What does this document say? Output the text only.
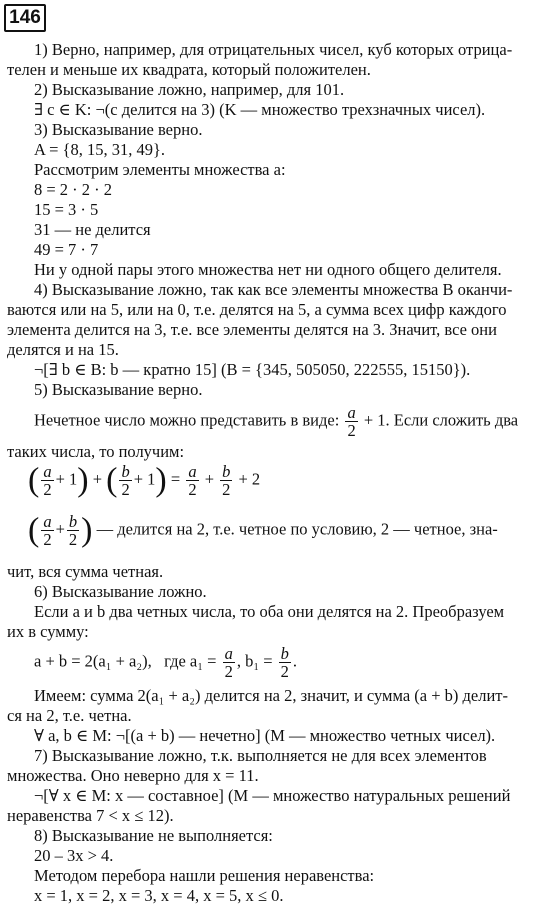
146
1) Верно, например, для отрицательных чисел, куб которых отрица-
телен и меньше их квадрата, который положителен.
2) Высказывание ложно, например, для 101.
∃ c ∈ K: ¬(c делится на 3) (K — множество трехзначных чисел).
3) Высказывание верно.
A = {8, 15, 31, 49}.
Рассмотрим элементы множества a:
8 = 2 · 2 · 2
15 = 3 · 5
31 — не делится
49 = 7 · 7
Ни у одной пары этого множества нет ни одного общего делителя.
4) Высказывание ложно, так как все элементы множества B оканчи-
ваются или на 5, или на 0, т.е. делятся на 5, а сумма всех цифр каждого
элемента делится на 3, т.е. все элементы делятся на 3. Значит, все они
делятся и на 15.
¬[∃ b ∈ B: b — кратно 15] (B = {345, 505050, 222555, 15150}).
5) Высказывание верно.
Нечетное число можно представить в виде: $\frac{a}{2} + 1$. Если сложить два
таких числа, то получим:
( $\frac{a}{2} + 1$) + ( $\frac{b}{2} + 1) = \frac{a}{2} + \frac{b}{2} + 2$
( $\frac{a}{2} + \frac{b}{2}$ ) — делится на 2, т.е. четное по условию, 2 — четное, зна-
чит, вся сумма четная.
6) Высказывание ложно.
Если a и b два четных числа, то оба они делятся на 2. Преобразуем
их в сумму:
a + b = 2(a₁ + a₂), где $a_1 = \frac{a}{2}$ , $b_1 = \frac{b}{2}$ .
Имеем: сумма 2(a₁ + a₂) делится на 2, значит, и сумма (a + b) делит-
ся на 2, т.е. четна.
∀ a, b ∈ M: ¬[(a + b) — нечетно] (M — множество четных чисел).
7) Высказывание ложно, т.к. выполняется не для всех элементов
множества. Оно неверно для x = 11.
¬[∀ x ∈ M: x — составное] (M — множество натуральных решений
неравенства 7 < x ≤ 12).
8) Высказывание не выполняется:
20 – 3x > 4.
Методом перебора нашли решения неравенства:
x = 1, x = 2, x = 3, x = 4, x = 5, x ≤ 0.
